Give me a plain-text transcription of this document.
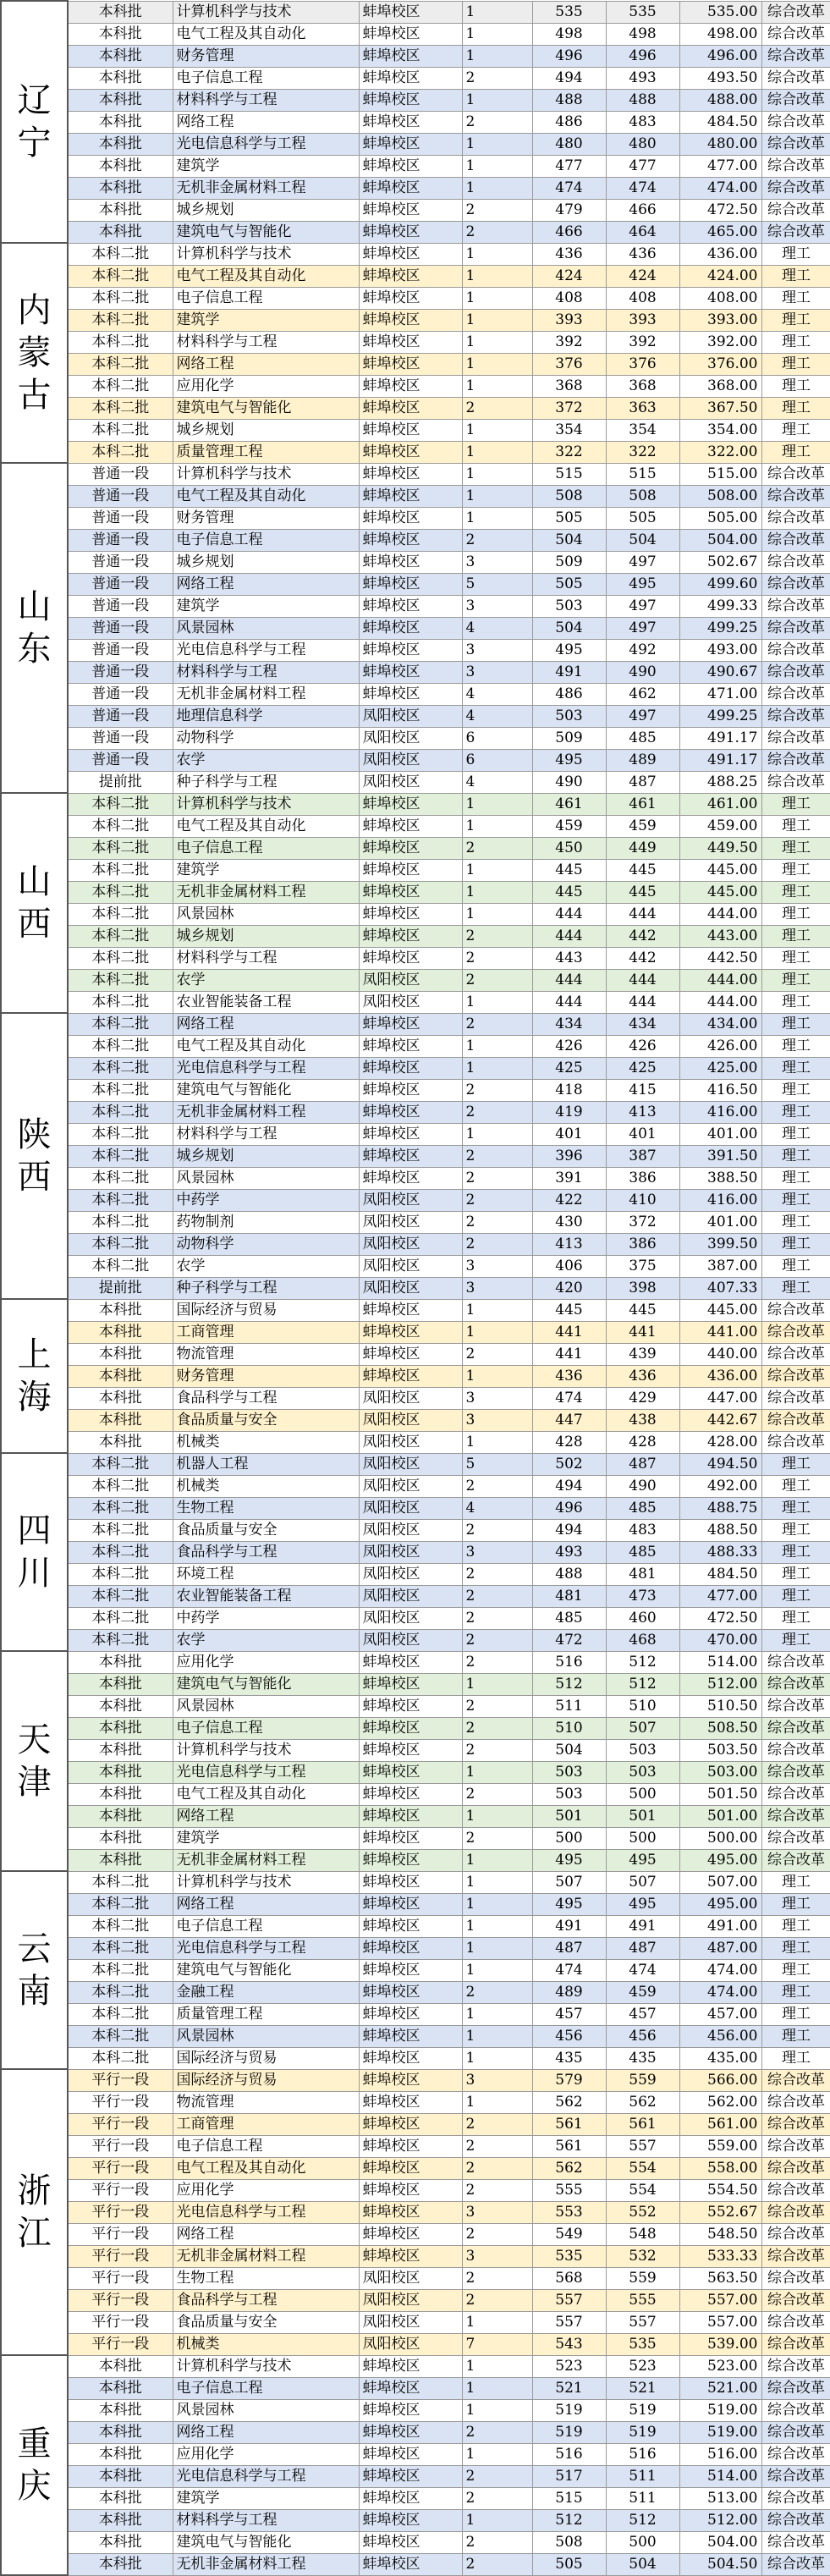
辽
宁	本科批	计算机科学与技术	蚌埠校区	1	535	535	535.00	综合改革
	本科批	电气工程及其自动化	蚌埠校区	1	498	498	498.00	综合改革
	本科批	财务管理	蚌埠校区	1	496	496	496.00	综合改革
	本科批	电子信息工程	蚌埠校区	2	494	493	493.50	综合改革
	本科批	材料科学与工程	蚌埠校区	1	488	488	488.00	综合改革
	本科批	网络工程	蚌埠校区	2	486	483	484.50	综合改革
	本科批	光电信息科学与工程	蚌埠校区	1	480	480	480.00	综合改革
	本科批	建筑学	蚌埠校区	1	477	477	477.00	综合改革
	本科批	无机非金属材料工程	蚌埠校区	1	474	474	474.00	综合改革
	本科批	城乡规划	蚌埠校区	2	479	466	472.50	综合改革
	本科批	建筑电气与智能化	蚌埠校区	2	466	464	465.00	综合改革
内
蒙
古	本科二批	计算机科学与技术	蚌埠校区	1	436	436	436.00	理工
	本科二批	电气工程及其自动化	蚌埠校区	1	424	424	424.00	理工
	本科二批	电子信息工程	蚌埠校区	1	408	408	408.00	理工
	本科二批	建筑学	蚌埠校区	1	393	393	393.00	理工
	本科二批	材料科学与工程	蚌埠校区	1	392	392	392.00	理工
	本科二批	网络工程	蚌埠校区	1	376	376	376.00	理工
	本科二批	应用化学	蚌埠校区	1	368	368	368.00	理工
	本科二批	建筑电气与智能化	蚌埠校区	2	372	363	367.50	理工
	本科二批	城乡规划	蚌埠校区	1	354	354	354.00	理工
	本科二批	质量管理工程	蚌埠校区	1	322	322	322.00	理工
山
东	普通一段	计算机科学与技术	蚌埠校区	1	515	515	515.00	综合改革
	普通一段	电气工程及其自动化	蚌埠校区	1	508	508	508.00	综合改革
	普通一段	财务管理	蚌埠校区	1	505	505	505.00	综合改革
	普通一段	电子信息工程	蚌埠校区	2	504	504	504.00	综合改革
	普通一段	城乡规划	蚌埠校区	3	509	497	502.67	综合改革
	普通一段	网络工程	蚌埠校区	5	505	495	499.60	综合改革
	普通一段	建筑学	蚌埠校区	3	503	497	499.33	综合改革
	普通一段	风景园林	蚌埠校区	4	504	497	499.25	综合改革
	普通一段	光电信息科学与工程	蚌埠校区	3	495	492	493.00	综合改革
	普通一段	材料科学与工程	蚌埠校区	3	491	490	490.67	综合改革
	普通一段	无机非金属材料工程	蚌埠校区	4	486	462	471.00	综合改革
	普通一段	地理信息科学	凤阳校区	4	503	497	499.25	综合改革
	普通一段	动物科学	凤阳校区	6	509	485	491.17	综合改革
	普通一段	农学	凤阳校区	6	495	489	491.17	综合改革
	提前批	种子科学与工程	凤阳校区	4	490	487	488.25	综合改革
山
西	本科二批	计算机科学与技术	蚌埠校区	1	461	461	461.00	理工
	本科二批	电气工程及其自动化	蚌埠校区	1	459	459	459.00	理工
	本科二批	电子信息工程	蚌埠校区	2	450	449	449.50	理工
	本科二批	建筑学	蚌埠校区	1	445	445	445.00	理工
	本科二批	无机非金属材料工程	蚌埠校区	1	445	445	445.00	理工
	本科二批	风景园林	蚌埠校区	1	444	444	444.00	理工
	本科二批	城乡规划	蚌埠校区	2	444	442	443.00	理工
	本科二批	材料科学与工程	蚌埠校区	2	443	442	442.50	理工
	本科二批	农学	凤阳校区	2	444	444	444.00	理工
	本科二批	农业智能装备工程	凤阳校区	1	444	444	444.00	理工
陕
西	本科二批	网络工程	蚌埠校区	2	434	434	434.00	理工
	本科二批	电气工程及其自动化	蚌埠校区	1	426	426	426.00	理工
	本科二批	光电信息科学与工程	蚌埠校区	1	425	425	425.00	理工
	本科二批	建筑电气与智能化	蚌埠校区	2	418	415	416.50	理工
	本科二批	无机非金属材料工程	蚌埠校区	2	419	413	416.00	理工
	本科二批	材料科学与工程	蚌埠校区	1	401	401	401.00	理工
	本科二批	城乡规划	蚌埠校区	2	396	387	391.50	理工
	本科二批	风景园林	蚌埠校区	2	391	386	388.50	理工
	本科二批	中药学	凤阳校区	2	422	410	416.00	理工
	本科二批	药物制剂	凤阳校区	2	430	372	401.00	理工
	本科二批	动物科学	凤阳校区	2	413	386	399.50	理工
	本科二批	农学	凤阳校区	3	406	375	387.00	理工
	提前批	种子科学与工程	凤阳校区	3	420	398	407.33	理工
上
海	本科批	国际经济与贸易	蚌埠校区	1	445	445	445.00	综合改革
	本科批	工商管理	蚌埠校区	1	441	441	441.00	综合改革
	本科批	物流管理	蚌埠校区	2	441	439	440.00	综合改革
	本科批	财务管理	蚌埠校区	1	436	436	436.00	综合改革
	本科批	食品科学与工程	凤阳校区	3	474	429	447.00	综合改革
	本科批	食品质量与安全	凤阳校区	3	447	438	442.67	综合改革
	本科批	机械类	凤阳校区	1	428	428	428.00	综合改革
四
川	本科二批	机器人工程	凤阳校区	5	502	487	494.50	理工
	本科二批	机械类	凤阳校区	2	494	490	492.00	理工
	本科二批	生物工程	凤阳校区	4	496	485	488.75	理工
	本科二批	食品质量与安全	凤阳校区	2	494	483	488.50	理工
	本科二批	食品科学与工程	凤阳校区	3	493	485	488.33	理工
	本科二批	环境工程	凤阳校区	2	488	481	484.50	理工
	本科二批	农业智能装备工程	凤阳校区	2	481	473	477.00	理工
	本科二批	中药学	凤阳校区	2	485	460	472.50	理工
	本科二批	农学	凤阳校区	2	472	468	470.00	理工
天
津	本科批	应用化学	蚌埠校区	2	516	512	514.00	综合改革
	本科批	建筑电气与智能化	蚌埠校区	1	512	512	512.00	综合改革
	本科批	风景园林	蚌埠校区	2	511	510	510.50	综合改革
	本科批	电子信息工程	蚌埠校区	2	510	507	508.50	综合改革
	本科批	计算机科学与技术	蚌埠校区	2	504	503	503.50	综合改革
	本科批	光电信息科学与工程	蚌埠校区	1	503	503	503.00	综合改革
	本科批	电气工程及其自动化	蚌埠校区	2	503	500	501.50	综合改革
	本科批	网络工程	蚌埠校区	1	501	501	501.00	综合改革
	本科批	建筑学	蚌埠校区	2	500	500	500.00	综合改革
	本科批	无机非金属材料工程	蚌埠校区	1	495	495	495.00	综合改革
云
南	本科二批	计算机科学与技术	蚌埠校区	1	507	507	507.00	理工
	本科二批	网络工程	蚌埠校区	1	495	495	495.00	理工
	本科二批	电子信息工程	蚌埠校区	1	491	491	491.00	理工
	本科二批	光电信息科学与工程	蚌埠校区	1	487	487	487.00	理工
	本科二批	建筑电气与智能化	蚌埠校区	1	474	474	474.00	理工
	本科二批	金融工程	蚌埠校区	2	489	459	474.00	理工
	本科二批	质量管理工程	蚌埠校区	1	457	457	457.00	理工
	本科二批	风景园林	蚌埠校区	1	456	456	456.00	理工
	本科二批	国际经济与贸易	蚌埠校区	1	435	435	435.00	理工
浙
江	平行一段	国际经济与贸易	蚌埠校区	3	579	559	566.00	综合改革
	平行一段	物流管理	蚌埠校区	1	562	562	562.00	综合改革
	平行一段	工商管理	蚌埠校区	2	561	561	561.00	综合改革
	平行一段	电子信息工程	蚌埠校区	2	561	557	559.00	综合改革
	平行一段	电气工程及其自动化	蚌埠校区	2	562	554	558.00	综合改革
	平行一段	应用化学	蚌埠校区	2	555	554	554.50	综合改革
	平行一段	光电信息科学与工程	蚌埠校区	3	553	552	552.67	综合改革
	平行一段	网络工程	蚌埠校区	2	549	548	548.50	综合改革
	平行一段	无机非金属材料工程	蚌埠校区	3	535	532	533.33	综合改革
	平行一段	生物工程	凤阳校区	2	568	559	563.50	综合改革
	平行一段	食品科学与工程	凤阳校区	2	557	555	557.00	综合改革
	平行一段	食品质量与安全	凤阳校区	1	557	557	557.00	综合改革
	平行一段	机械类	凤阳校区	7	543	535	539.00	综合改革
重
庆	本科批	计算机科学与技术	蚌埠校区	1	523	523	523.00	综合改革
	本科批	电子信息工程	蚌埠校区	1	521	521	521.00	综合改革
	本科批	风景园林	蚌埠校区	1	519	519	519.00	综合改革
	本科批	网络工程	蚌埠校区	2	519	519	519.00	综合改革
	本科批	应用化学	蚌埠校区	1	516	516	516.00	综合改革
	本科批	光电信息科学与工程	蚌埠校区	2	517	511	514.00	综合改革
	本科批	建筑学	蚌埠校区	2	515	511	513.00	综合改革
	本科批	材料科学与工程	蚌埠校区	1	512	512	512.00	综合改革
	本科批	建筑电气与智能化	蚌埠校区	2	508	500	504.00	综合改革
	本科批	无机非金属材料工程	蚌埠校区	2	505	504	504.50	综合改革
